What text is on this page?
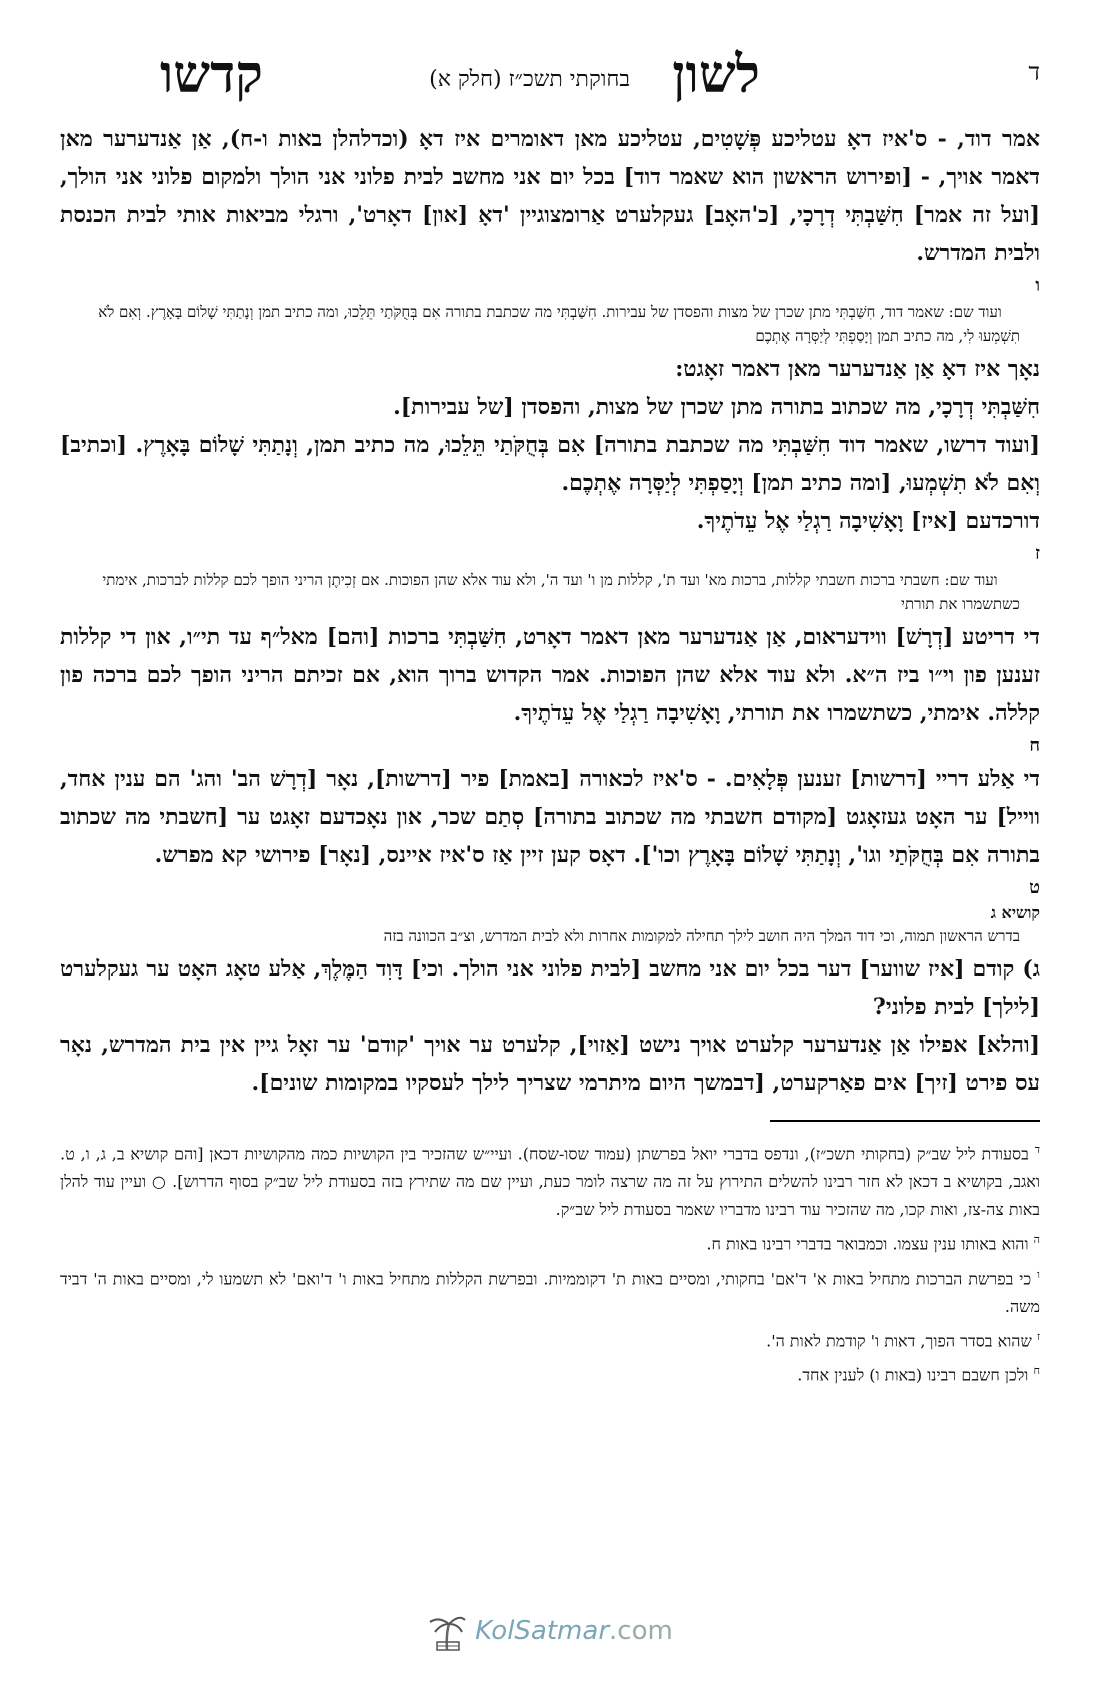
ד
לשון
בחוקתי תשכ״ז (חלק א)
קדשו

אמר דוד, - ס'איז דאָ עטליכע פְּשָׁטִים, עטליכע מאן דאומרים איז דאָ (וכדלהלן באות ו-ח), אַן אַנדערער מאן דאמר אויך, - [ופירוש הראשון הוא שאמר דוד] בכל יום אני מחשב לבית פלוני אני הולך ולמקום פלוני אני הולך, [ועל זה אמר] חִשַּׁבְתִּי דְרָכָי, [כ'האָב] געקלערט אַרומצוגיין 'דאָ [און] דאָרט', ורגלי מביאות אותי לבית הכנסת ולבית המדרש.

ו

ועוד שם: שאמר דוד, חִשַּׁבְתִּי מתן שכרן של מצות והפסדן של עבירות. חִשַּׁבְתִּי מה שכתבת בתורה אִם בְּחֻקֹּתַי תֵּלֵכוּ, ומה כתיב תמן וְנָתַתִּי שָׁלוֹם בָּאָרֶץ. וְאִם לֹא תִשְׁמְעוּ לִי, מה כתיב תמן וְיָסַפְתִּי לְיַסְּרָה אֶתְכֶם

נאָך איז דאָ אַן אַנדערער מאן דאמר זאָגט:

חִשַּׁבְתִּי דְרָכָי, מה שכתוב בתורה מתן שכרן של מצות, והפסדן [של עבירות].

[ועוד דרשו, שאמר דוד חִשַּׁבְתִּי מה שכתבת בתורה] אִם בְּחֻקֹּתַי תֵּלֵכוּ, מה כתיב תמן, וְנָתַתִּי שָׁלוֹם בָּאָרֶץ. [וכתיב] וְאִם לֹא תִשְׁמְעוּ, [ומה כתיב תמן] וְיָסַפְתִּי לְיַסְּרָה אֶתְכֶם.

דורכדעם [איז] וָאָשִׁיבָה רַגְלַי אֶל עֵדֹתֶיךָ.

ז

ועוד שם: חשבתי ברכות חשבתי קללות, ברכות מא' ועד ת', קללות מן ו' ועד ה', ולא עוד אלא שהן הפוכות. אם זְכִיתֶן הריני הופך לכם קללות לברכות, אימתי כשתשמרו את תורתי

די דריטע [דְרָשׁ] ווידעראום, אַן אַנדערער מאן דאמר דאָרט, חִשַּׁבְתִּי ברכות [והם] מאל״ף עד תי״ו, און די קללות זענען פון וי״ו ביז ה״א. ולא עוד אלא שהן הפוכות. אמר הקדוש ברוך הוא, אם זכיתם הריני הופך לכם ברכה פון קללה. אימתי, כשתשמרו את תורתי, וָאָשִׁיבָה רַגְלַי אֶל עֵדֹתֶיךָ.

ח

די אַלע דריי [דרשות] זענען פְּלָאִים. - ס'איז לכאורה [באמת] פיר [דרשות], נאָר [דְרָשׁ הב' והג' הם ענין אחד, ווייל] ער האָט געזאָגט [מקודם חשבתי מה שכתוב בתורה] סְתַם שכר, און נאָכדעם זאָגט ער [חשבתי מה שכתוב בתורה אִם בְּחֻקֹּתַי וגו', וְנָתַתִּי שָׁלוֹם בָּאָרֶץ וכו']. דאָס קען זיין אַז ס'איז איינס, [נאָר] פירושי קא מפרש.

ט
קושיא ג

בדרש הראשון תמוה, וכי דוד המלך היה חושב לילך תחילה למקומות אחרות ולא לבית המדרש, וצ״ב הכוונה בזה

ג) קודם [איז שווער] דער בכל יום אני מחשב [לבית פלוני אני הולך. וכי] דָּוִד הַמֶּלֶךְ, אַלע טאָג האָט ער געקלערט [לילך] לבית פלוני?

[והלא] אפילו אַן אַנדערער קלערט אויך נישט [אַזוי], קלערט ער אויך 'קודם' ער זאָל גיין אין בית המדרש, נאָר עס פירט [זיך] אים פאַרקערט, [דבמשך היום מיתרמי שצריך לילך לעסקיו במקומות שונים].

$^ד$ בסעודת ליל שב״ק (בחקותי תשכ״ז), ונדפס בדברי יואל בפרשתן (עמוד שסו-שסח). ועיי״ש שהזכיר בין הקושיות כמה מהקושיות דכאן [והם קושיא ב, ג, ו, ט. ואגב, בקושיא ב דכאן לא חזר רבינו להשלים התירוץ על זה מה שרצה לומר כעת, ועיין שם מה שתירץ בזה בסעודת ליל שב״ק בסוף הדרוש]. ○ ועיין עוד להלן באות צה-צז, ואות קכו, מה שהזכיר עוד רבינו מדבריו שאמר בסעודת ליל שב״ק.

$^ה$ והוא באותו ענין עצמו. וכמבואר בדברי רבינו באות ח.

$^ו$ כי בפרשת הברכות מתחיל באות א' ד'אם' בחקותי, ומסיים באות ת' דקוממיות. ובפרשת הקללות מתחיל באות ו' ד'ואם' לא תשמעו לי, ומסיים באות ה' דביד משה.

$^ז$ שהוא בסדר הפוך, דאות ו' קודמת לאות ה'.

$^ח$ ולכן חשבם רבינו (באות ו) לענין אחד.

KolSatmar.com
